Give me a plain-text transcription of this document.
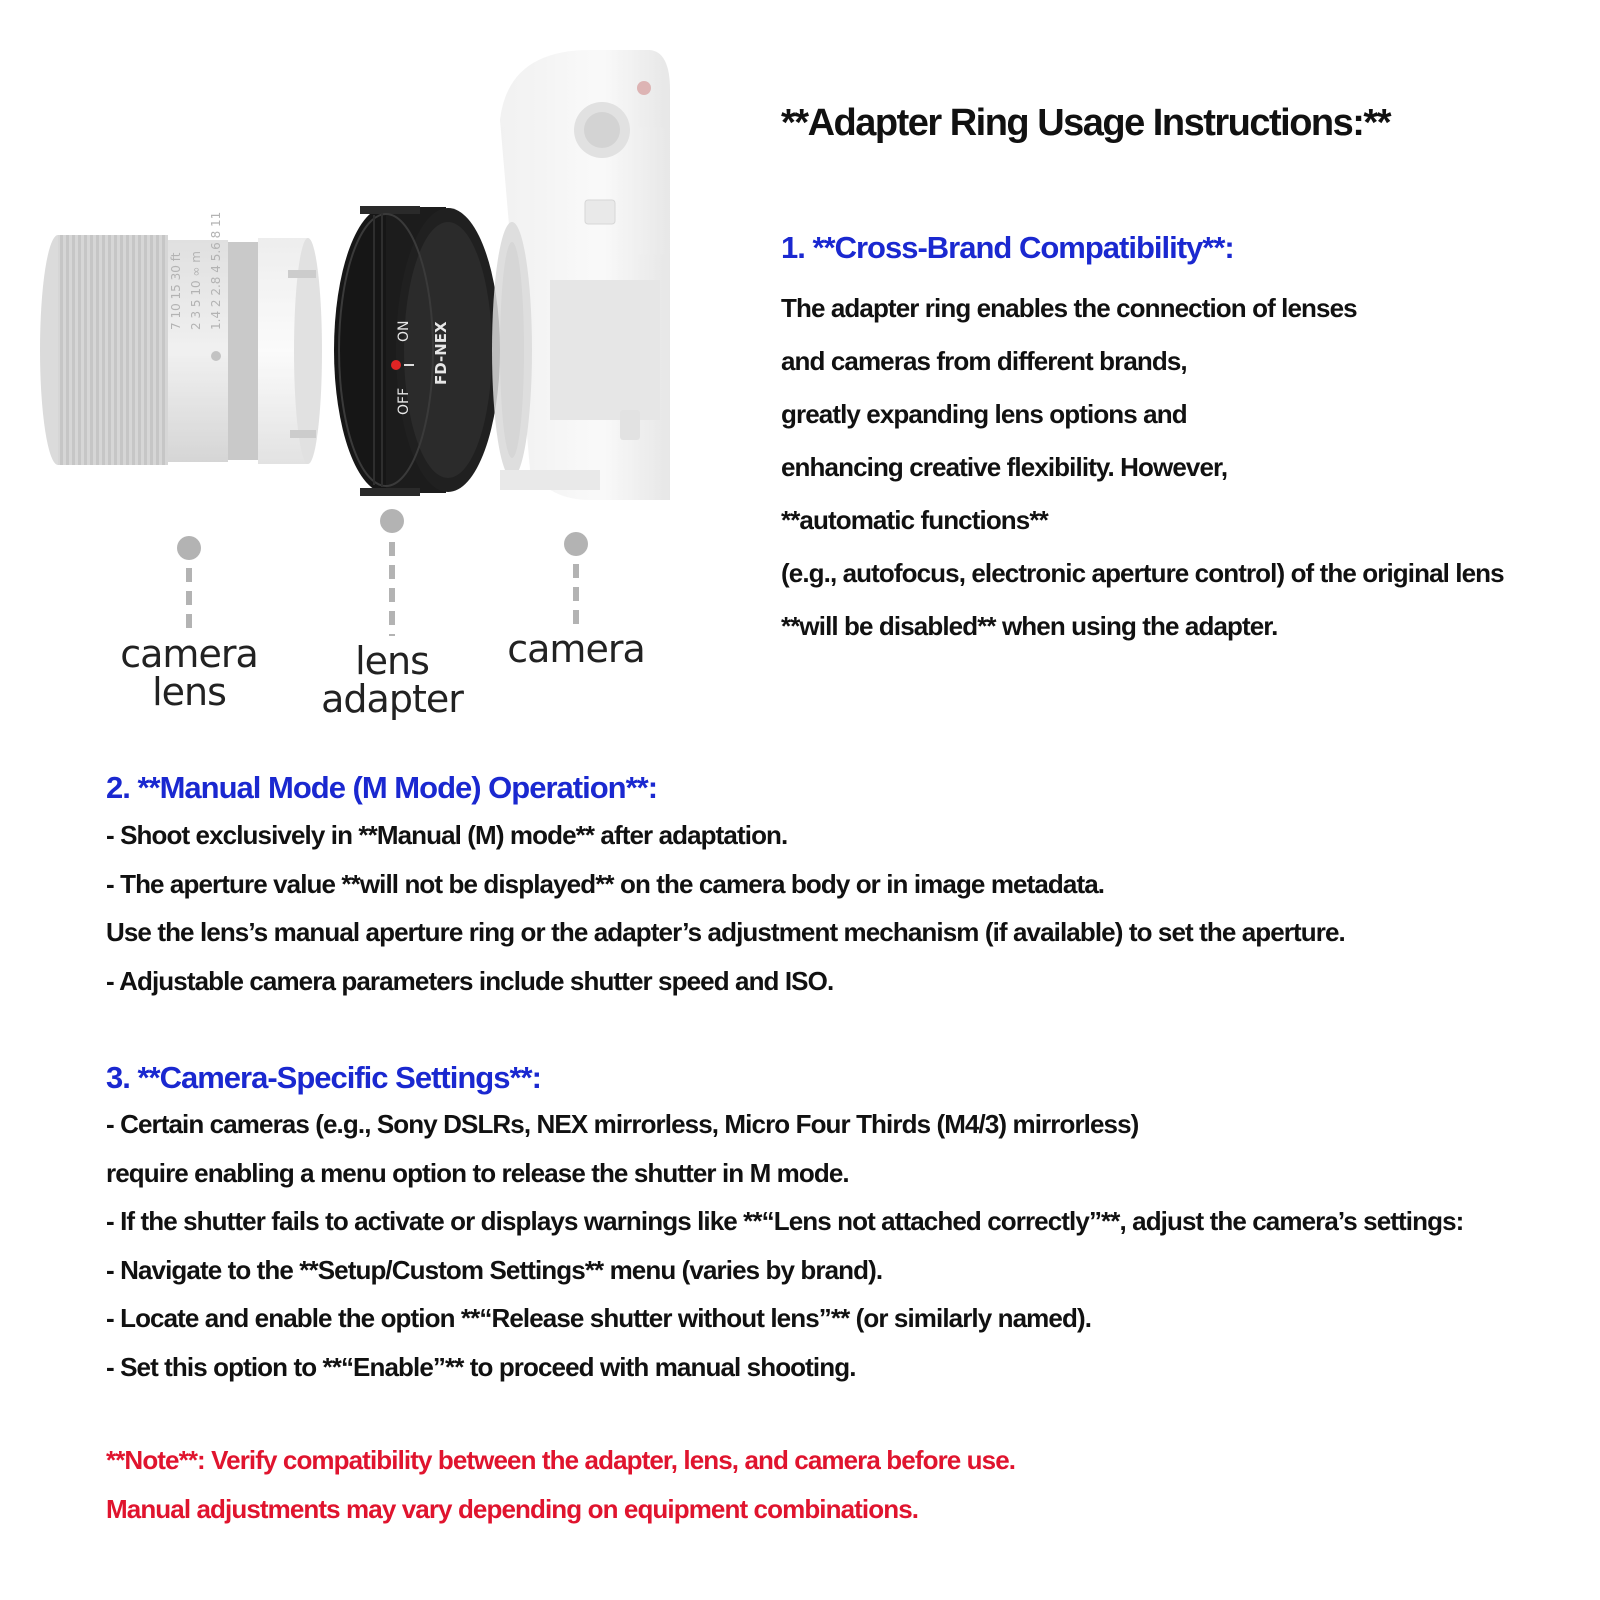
7 10 15 30 ft 2 3 5 10 ∞ m 1.4 2 2.8 4 5.6 8 11
FD-NEX
ON
OFF
camera
lens
lens
adapter
camera
**Adapter Ring Usage Instructions:**
1. **Cross-Brand Compatibility**:
The adapter ring enables the connection of lenses
and cameras from different brands,
greatly expanding lens options and
enhancing creative flexibility. However,
**automatic functions**
(e.g., autofocus, electronic aperture control) of the original lens
**will be disabled** when using the adapter.
2. **Manual Mode (M Mode) Operation**:
- Shoot exclusively in **Manual (M) mode** after adaptation.
- The aperture value **will not be displayed** on the camera body or in image metadata.
Use the lens’s manual aperture ring or the adapter’s adjustment mechanism (if available) to set the aperture.
- Adjustable camera parameters include shutter speed and ISO.
3. **Camera-Specific Settings**:
- Certain cameras (e.g., Sony DSLRs, NEX mirrorless, Micro Four Thirds (M4/3) mirrorless)
require enabling a menu option to release the shutter in M mode.
- If the shutter fails to activate or displays warnings like **“Lens not attached correctly”**, adjust the camera’s settings:
- Navigate to the **Setup/Custom Settings** menu (varies by brand).
- Locate and enable the option **“Release shutter without lens”** (or similarly named).
- Set this option to **“Enable”** to proceed with manual shooting.
**Note**: Verify compatibility between the adapter, lens, and camera before use.
Manual adjustments may vary depending on equipment combinations.
